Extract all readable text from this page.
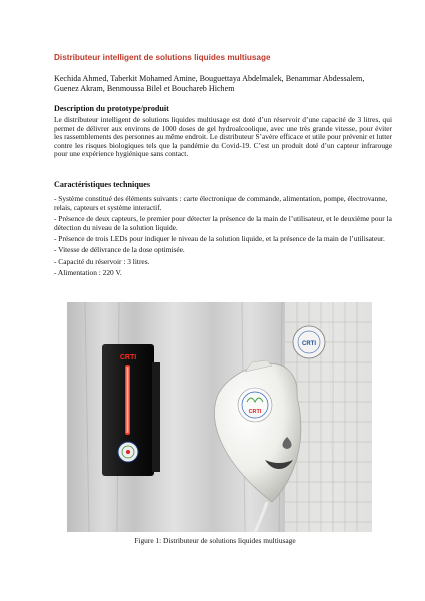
Distributeur intelligent de solutions liquides multiusage
Kechida Ahmed, Taberkit Mohamed Amine, Bouguettaya Abdelmalek, Benammar Abdessalem, Guenez Akram, Benmoussa Bilel et Bouchareb Hichem
Description du prototype/produit
Le distributeur intelligent de solutions liquides multiusage est doté d’un réservoir d’une capacité de 3 litres, qui permet de délivrer aux environs de 1000 doses de gel hydroalcoolique, avec une très grande vitesse, pour éviter les rassemblements des personnes au même endroit. Le distributeur S’avère efficace et utile pour prévenir et lutter contre les risques biologiques tels que la pandémie du Covid-19. C’est un produit doté d’un capteur infrarouge pour une expérience hygiénique sans contact.
Caractéristiques techniques
- Système constitué des éléments suivants : carte électronique de commande, alimentation, pompe, électrovanne, relais, capteurs et système interactif.
- Présence de deux capteurs, le premier pour détecter la présence de la main de l’utilisateur, et le deuxième pour la détection du niveau de la solution liquide.
- Présence de trois LEDs pour indiquer le niveau de la solution liquide, et la présence de la main de l’utilisateur.
- Vitesse de délivrance de la dose optimisée.
- Capacité du réservoir : 3 litres.
- Alimentation : 220 V.
CRTI
CRTI
CRTI
Figure 1: Distributeur de solutions liquides multiusage
